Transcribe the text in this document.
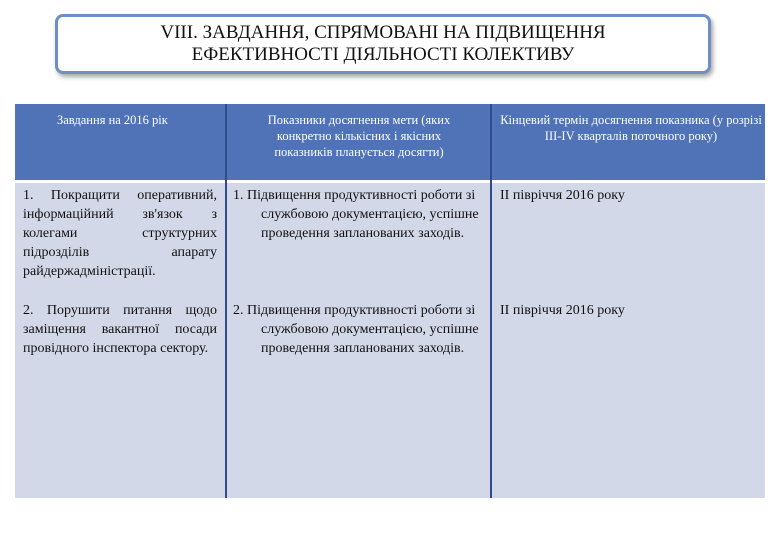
VIII. ЗАВДАННЯ, СПРЯМОВАНІ НА ПІДВИЩЕННЯ
ЕФЕКТИВНОСТІ ДІЯЛЬНОСТІ КОЛЕКТИВУ
Завдання на 2016 рік	Показники досягнення мети (яких конкретно кількісних і якісних показників планується досягти)
Кінцевий термін досягнення показника (у розрізі III-IV кварталів поточного року)
1. Покращити оперативний, інформаційний зв'язок з колегами структурних підрозділів апарату райдержадміністрації.
1. Підвищення продуктивності роботи зі службовою документацією, успішне проведення запланованих заходів.
II півріччя 2016 року
2. Порушити питання щодо заміщення вакантної посади провідного інспектора сектору.
2. Підвищення продуктивності роботи зі службовою документацією, успішне проведення запланованих заходів.
II півріччя 2016 року
